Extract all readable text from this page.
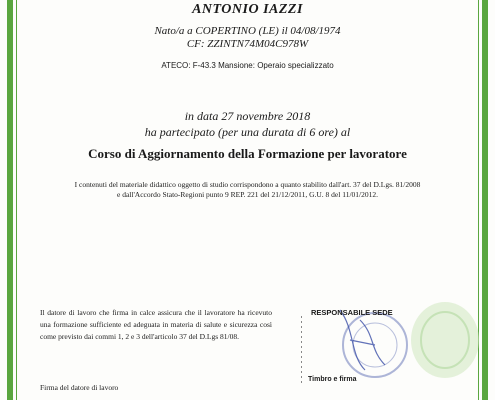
ANTONIO IAZZI
Nato/a a COPERTINO (LE) il 04/08/1974
CF: ZZINTN74M04C978W
ATECO: F-43.3 Mansione: Operaio specializzato
in data 27 novembre 2018
ha partecipato (per una durata di 6 ore) al
Corso di Aggiornamento della Formazione per lavoratore
I contenuti del materiale didattico oggetto di studio corrispondono a quanto stabilito dall'art. 37 del D.Lgs. 81/2008
e dall'Accordo Stato-Regioni punto 9 REP. 221 del 21/12/2011, G.U. 8 del 11/01/2012.
Il datore di lavoro che firma in calce assicura che il lavoratore ha ricevuto una formazione sufficiente ed adeguata in materia di salute e sicurezza così come previsto dai commi 1, 2 e 3 dell'articolo 37 del D.Lgs 81/08.
Firma del datore di lavoro
RESPONSABILE SEDE
Timbro e firma
